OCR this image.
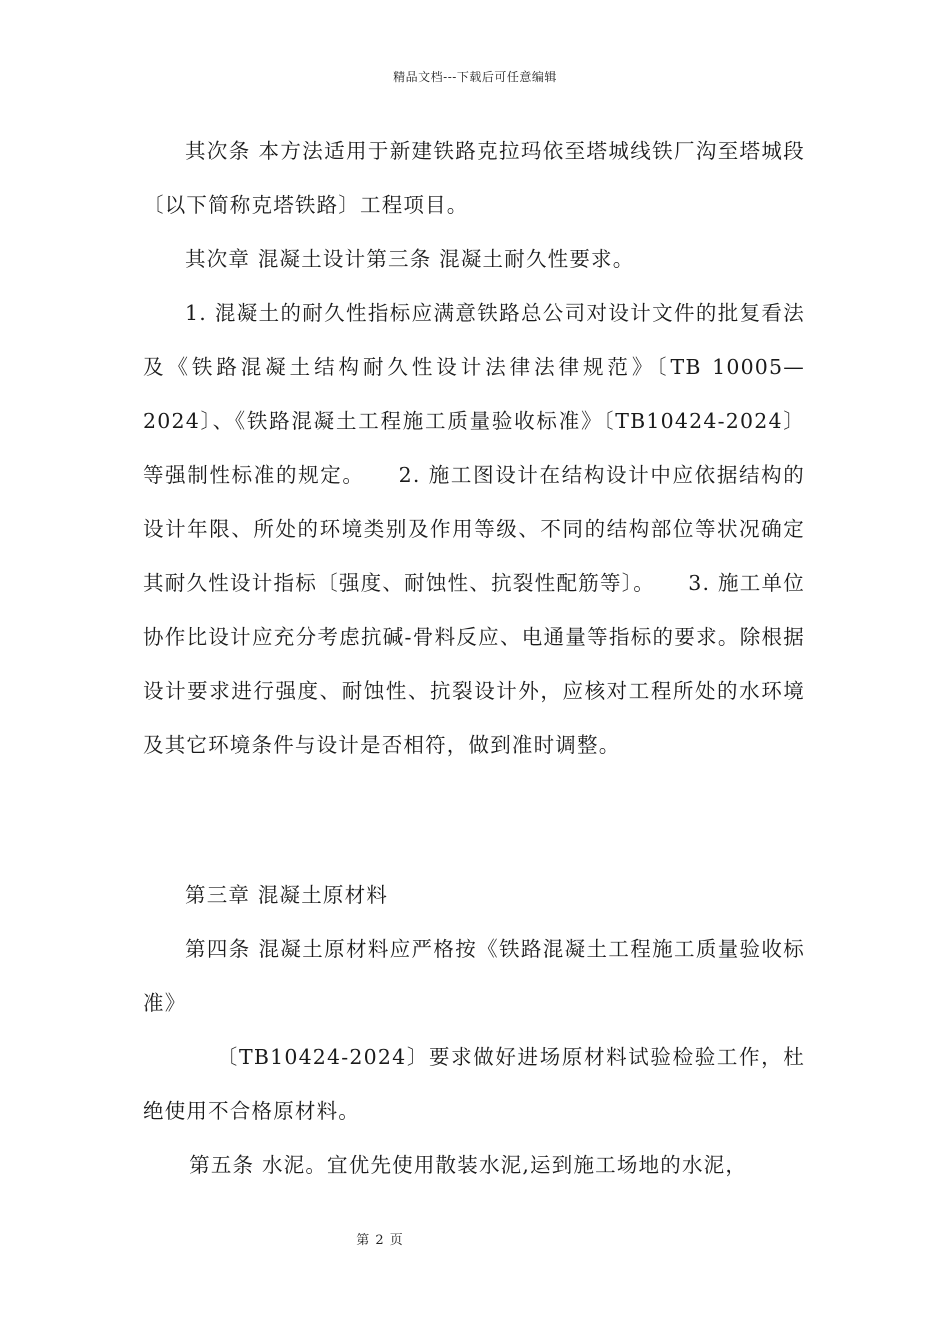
精品文档---下载后可任意编辑

其次条 本方法适用于新建铁路克拉玛依至塔城线铁厂沟至塔城段〔以下简称克塔铁路〕工程项目。

其次章 混凝土设计第三条 混凝土耐久性要求。

1. 混凝土的耐久性指标应满意铁路总公司对设计文件的批复看法及《铁路混凝土结构耐久性设计法律法律规范》〔TB 10005—2024〕、《铁路混凝土工程施工质量验收标准》〔TB10424-2024〕等强制性标准的规定。　　2. 施工图设计在结构设计中应依据结构的设计年限、所处的环境类别及作用等级、不同的结构部位等状况确定其耐久性设计指标〔强度、耐蚀性、抗裂性配筋等〕。　　3. 施工单位协作比设计应充分考虑抗碱-骨料反应、电通量等指标的要求。除根据设计要求进行强度、耐蚀性、抗裂设计外，应核对工程所处的水环境及其它环境条件与设计是否相符，做到准时调整。

第三章 混凝土原材料

第四条 混凝土原材料应严格按《铁路混凝土工程施工质量验收标准》

〔TB10424-2024〕要求做好进场原材料试验检验工作，杜绝使用不合格原材料。

第五条 水泥。宜优先使用散装水泥,运到施工场地的水泥，

第 2 页
